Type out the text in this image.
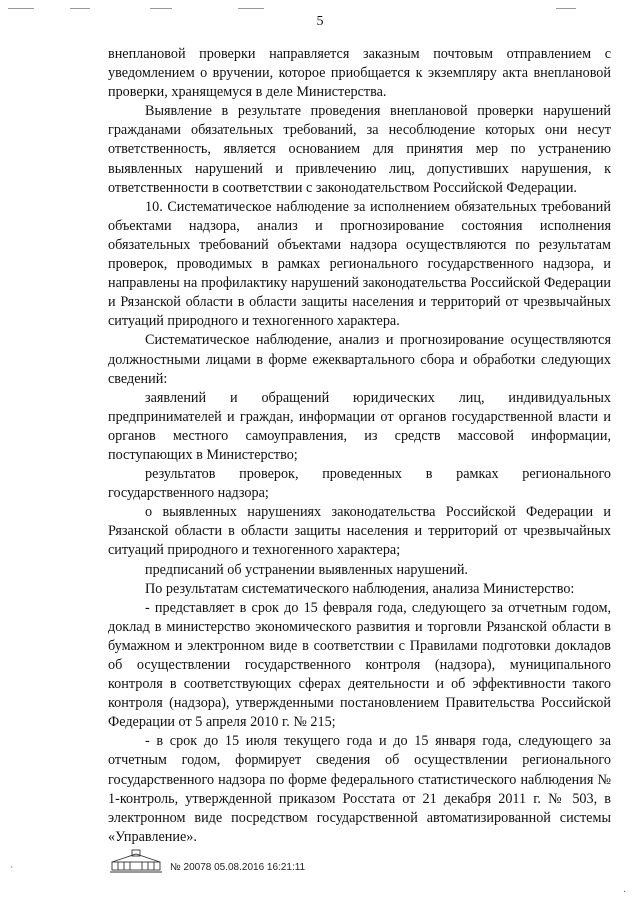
5

внеплановой проверки направляется заказным почтовым отправлением с уведомлением о вручении, которое приобщается к экземпляру акта внеплановой проверки, хранящемуся в деле Министерства.

Выявление в результате проведения внеплановой проверки нарушений гражданами обязательных требований, за несоблюдение которых они несут ответственность, является основанием для принятия мер по устранению выявленных нарушений и привлечению лиц, допустивших нарушения, к ответственности в соответствии с законодательством Российской Федерации.

10. Систематическое наблюдение за исполнением обязательных требований объектами надзора, анализ и прогнозирование состояния исполнения обязательных требований объектами надзора осуществляются по результатам проверок, проводимых в рамках регионального государственного надзора, и направлены на профилактику нарушений законодательства Российской Федерации и Рязанской области в области защиты населения и территорий от чрезвычайных ситуаций природного и техногенного характера.

Систематическое наблюдение, анализ и прогнозирование осуществляются должностными лицами в форме ежеквартального сбора и обработки следующих сведений:

заявлений и обращений юридических лиц, индивидуальных предпринимателей и граждан, информации от органов государственной власти и органов местного самоуправления, из средств массовой информации, поступающих в Министерство;

результатов проверок, проведенных в рамках регионального государственного надзора;

о выявленных нарушениях законодательства Российской Федерации и Рязанской области в области защиты населения и территорий от чрезвычайных ситуаций природного и техногенного характера;

предписаний об устранении выявленных нарушений.

По результатам систематического наблюдения, анализа Министерство:

- представляет в срок до 15 февраля года, следующего за отчетным годом, доклад в министерство экономического развития и торговли Рязанской области в бумажном и электронном виде в соответствии с Правилами подготовки докладов об осуществлении государственного контроля (надзора), муниципального контроля в соответствующих сферах деятельности и об эффективности такого контроля (надзора), утвержденными постановлением Правительства Российской Федерации от 5 апреля 2010 г. № 215;

- в срок до 15 июля текущего года и до 15 января года, следующего за отчетным годом, формирует сведения об осуществлении регионального государственного надзора по форме федерального статистического наблюдения № 1-контроль, утвержденной приказом Росстата от 21 декабря 2011 г. № 503, в электронном виде посредством государственной автоматизированной системы «Управление».

№ 20078 05.08.2016 16:21:11
`
·
